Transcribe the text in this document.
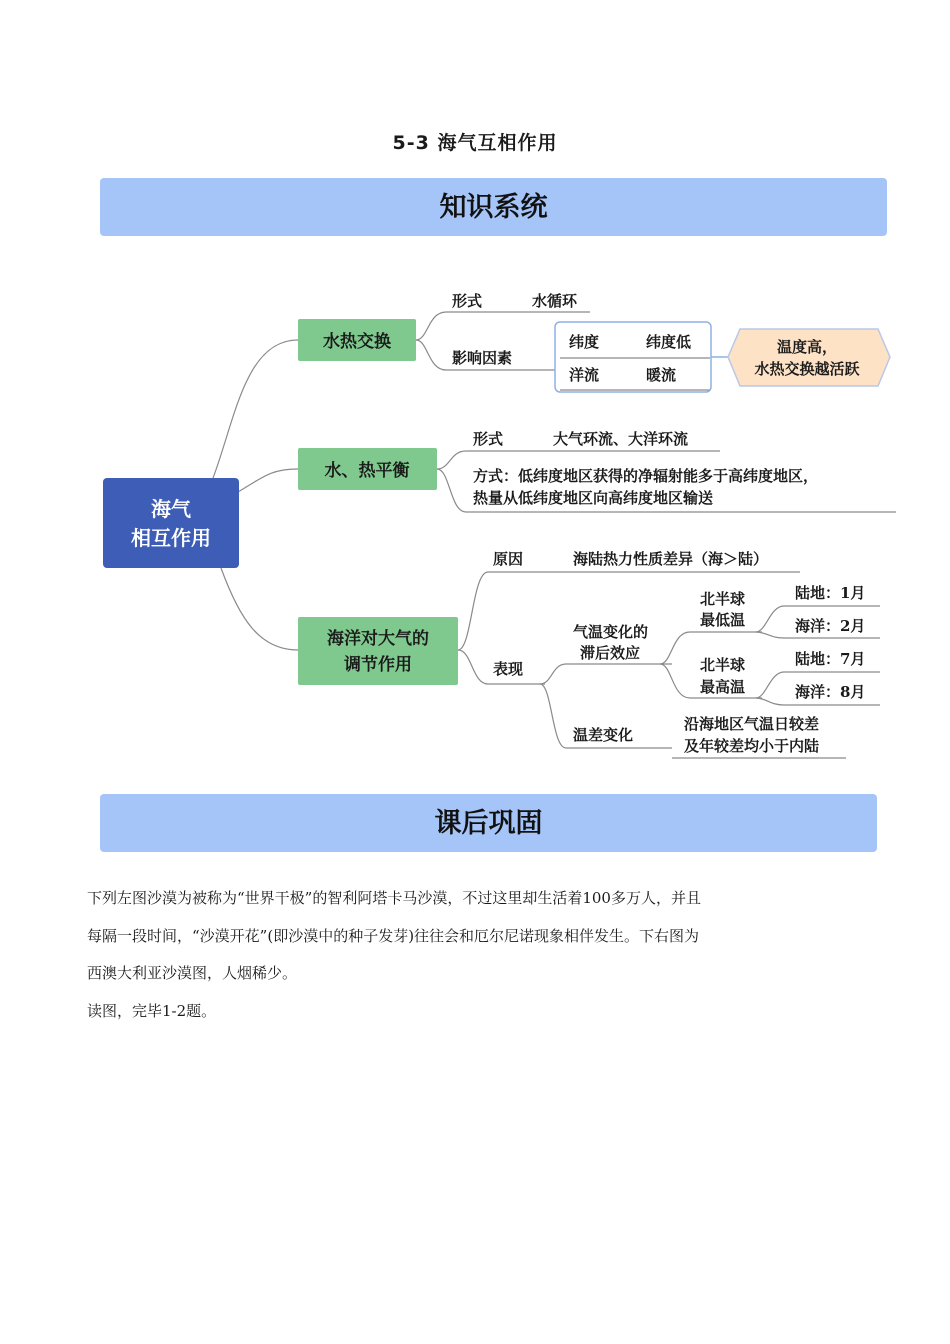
5-3 海气互相作用
知识系统
温度高，
水热交换越活跃
海气
相互作用
水热交换
水、热平衡
海洋对大气的
调节作用
形式	水循环
影响因素
纬度	纬度低
洋流	暖流
形式	大气环流、大洋环流
方式：低纬度地区获得的净辐射能多于高纬度地区，
热量从低纬度地区向高纬度地区输送
原因	海陆热力性质差异（海＞陆）
表现
气温变化的
滞后效应
北半球
最低温
陆地：1月
海洋：2月
北半球
最高温
陆地：7月
海洋：8月
温差变化
沿海地区气温日较差
及年较差均小于内陆
课后巩固

下列左图沙漠为被称为“世界干极”的智利阿塔卡马沙漠，不过这里却生活着100多万人，并且

每隔一段时间，“沙漠开花”(即沙漠中的种子发芽)往往会和厄尔尼诺现象相伴发生。下右图为

西澳大利亚沙漠图，人烟稀少。

读图，完毕1-2题。
